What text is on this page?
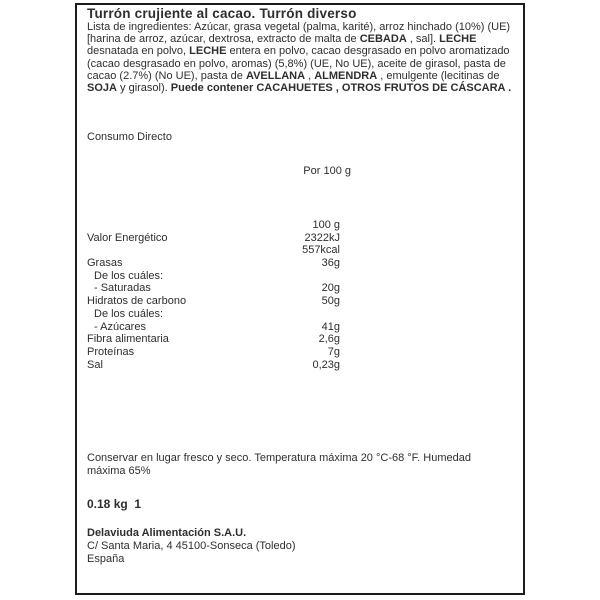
Turrón crujiente al cacao. Turrón diverso

Lista de ingredientes: Azúcar, grasa vegetal (palma, karité), arroz hinchado (10%) (UE) [harina de arroz, azúcar, dextrosa, extracto de malta de CEBADA , sal]. LECHE desnatada en polvo, LECHE entera en polvo, cacao desgrasado en polvo aromatizado (cacao desgrasado en polvo, aromas) (5,8%) (UE, No UE), aceite de girasol, pasta de cacao (2.7%) (No UE), pasta de AVELLANA , ALMENDRA , emulgente (lecitinas de SOJA y girasol). Puede contener CACAHUETES , OTROS FRUTOS DE CÁSCARA .

Consumo Directo
Por 100 g
100 g
Valor Energético	2322kJ
557kcal
Grasas	36g
De los cuáles:
- Saturadas	20g
Hidratos de carbono	50g
De los cuáles:
- Azúcares	41g
Fibra alimentaria	2,6g
Proteínas	7g
Sal	0,23g

Conservar en lugar fresco y seco. Temperatura máxima 20 °C-68 °F. Humedad máxima 65%

0.18 kg  1
Delaviuda Alimentación S.A.U.
C/ Santa Maria, 4 45100-Sonseca (Toledo)
España
